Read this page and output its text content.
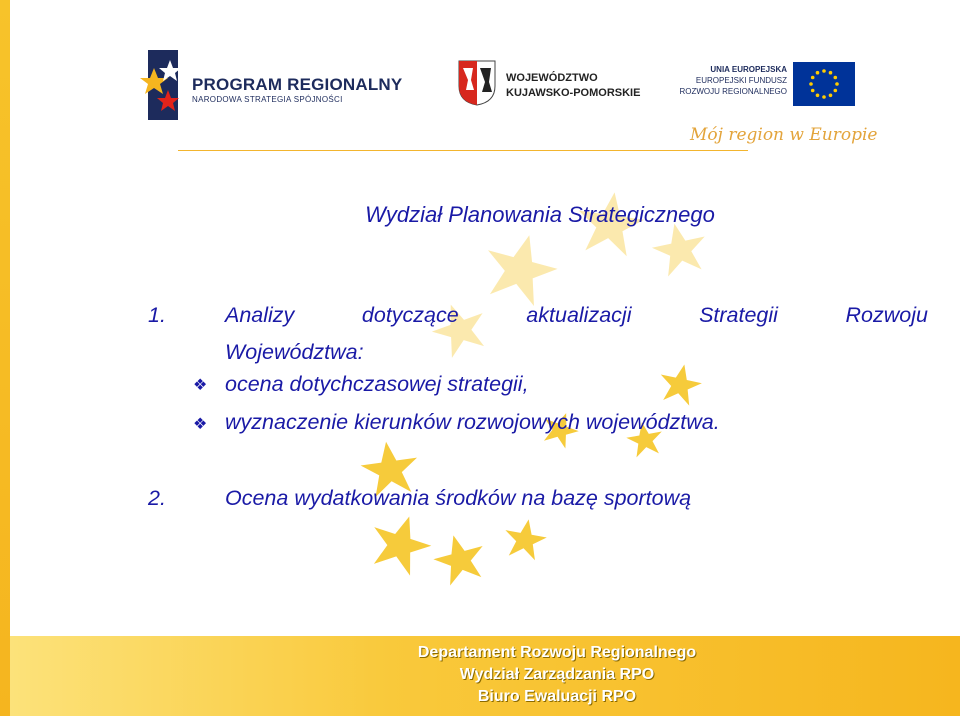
PROGRAM REGIONALNY
NARODOWA STRATEGIA SPÓJNOŚCI
WOJEWÓDZTWO
KUJAWSKO-POMORSKIE
UNIA EUROPEJSKA
EUROPEJSKI FUNDUSZ
ROZWOJU REGIONALNEGO
Mój region w Europie
Wydział Planowania Strategicznego
1.	Analizy dotyczące aktualizacji Strategii Rozwoju
Województwa:
❖ ocena dotychczasowej strategii,
❖ wyznaczenie kierunków rozwojowych województwa.
2.	Ocena wydatkowania środków na bazę sportową
Departament Rozwoju Regionalnego
Wydział Zarządzania RPO
Biuro Ewaluacji RPO
